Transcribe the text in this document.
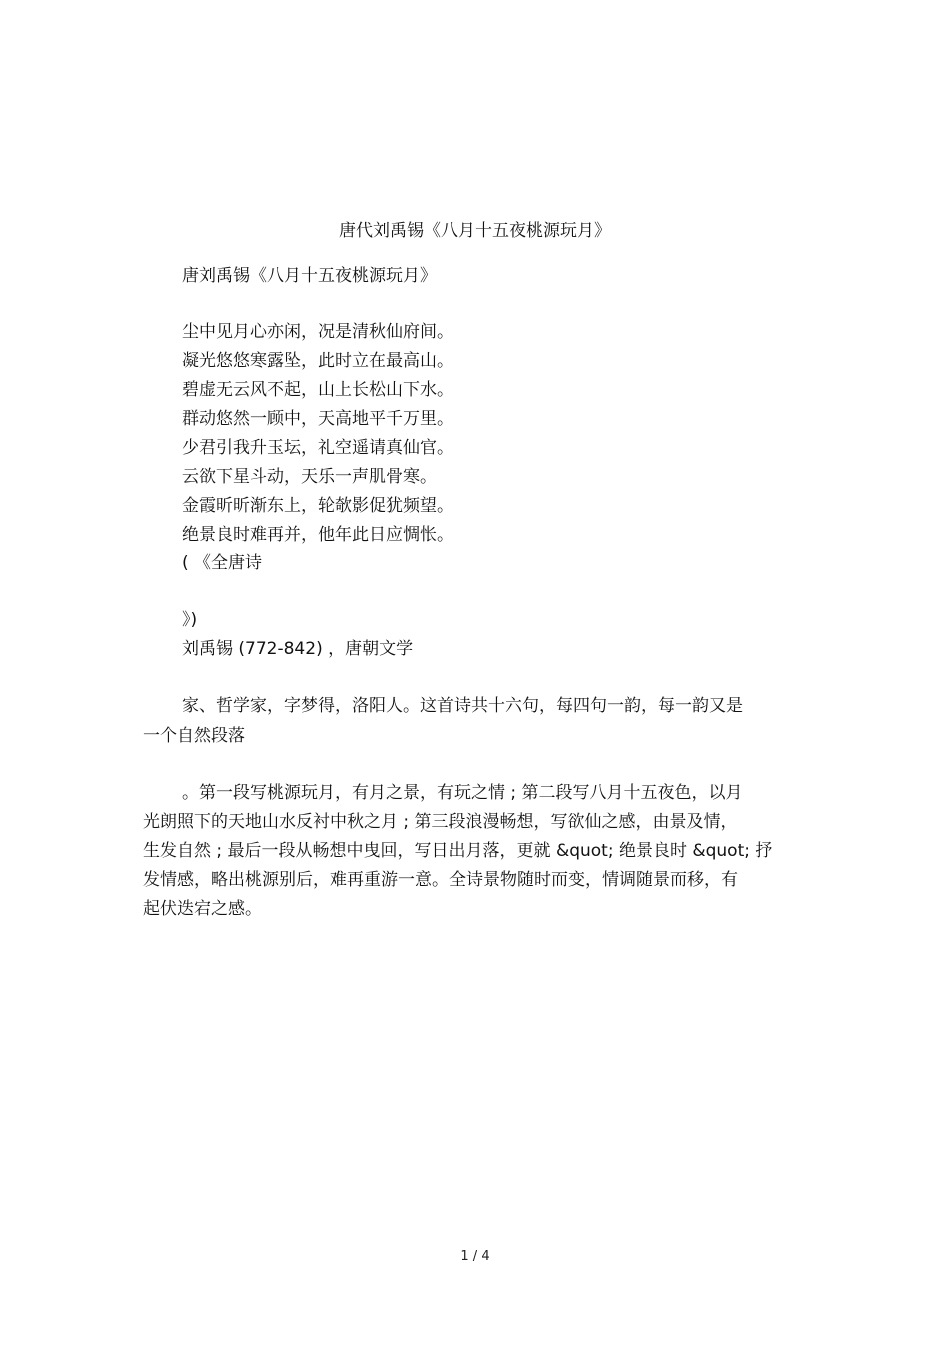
唐代刘禹锡《八月十五夜桃源玩月》
唐刘禹锡《八月十五夜桃源玩月》
尘中见月心亦闲，况是清秋仙府间。
凝光悠悠寒露坠，此时立在最高山。
碧虚无云风不起，山上长松山下水。
群动悠然一顾中，天高地平千万里。
少君引我升玉坛，礼空遥请真仙官。
云欲下星斗动，天乐一声肌骨寒。
金霞昕昕渐东上，轮欹影促犹频望。
绝景良时难再并，他年此日应惆怅。
( 《全唐诗
》)
刘禹锡 (772-842) ，唐朝文学
家、哲学家，字梦得，洛阳人。这首诗共十六句，每四句一韵，每一韵又是
一个自然段落
。第一段写桃源玩月，有月之景，有玩之情 ; 第二段写八月十五夜色，以月
光朗照下的天地山水反衬中秋之月 ; 第三段浪漫畅想，写欲仙之感，由景及情，
生发自然 ; 最后一段从畅想中曳回，写日出月落，更就 &quot; 绝景良时 &quot; 抒
发情感，略出桃源别后，难再重游一意。全诗景物随时而变，情调随景而移，有
起伏迭宕之感。
1 / 4
